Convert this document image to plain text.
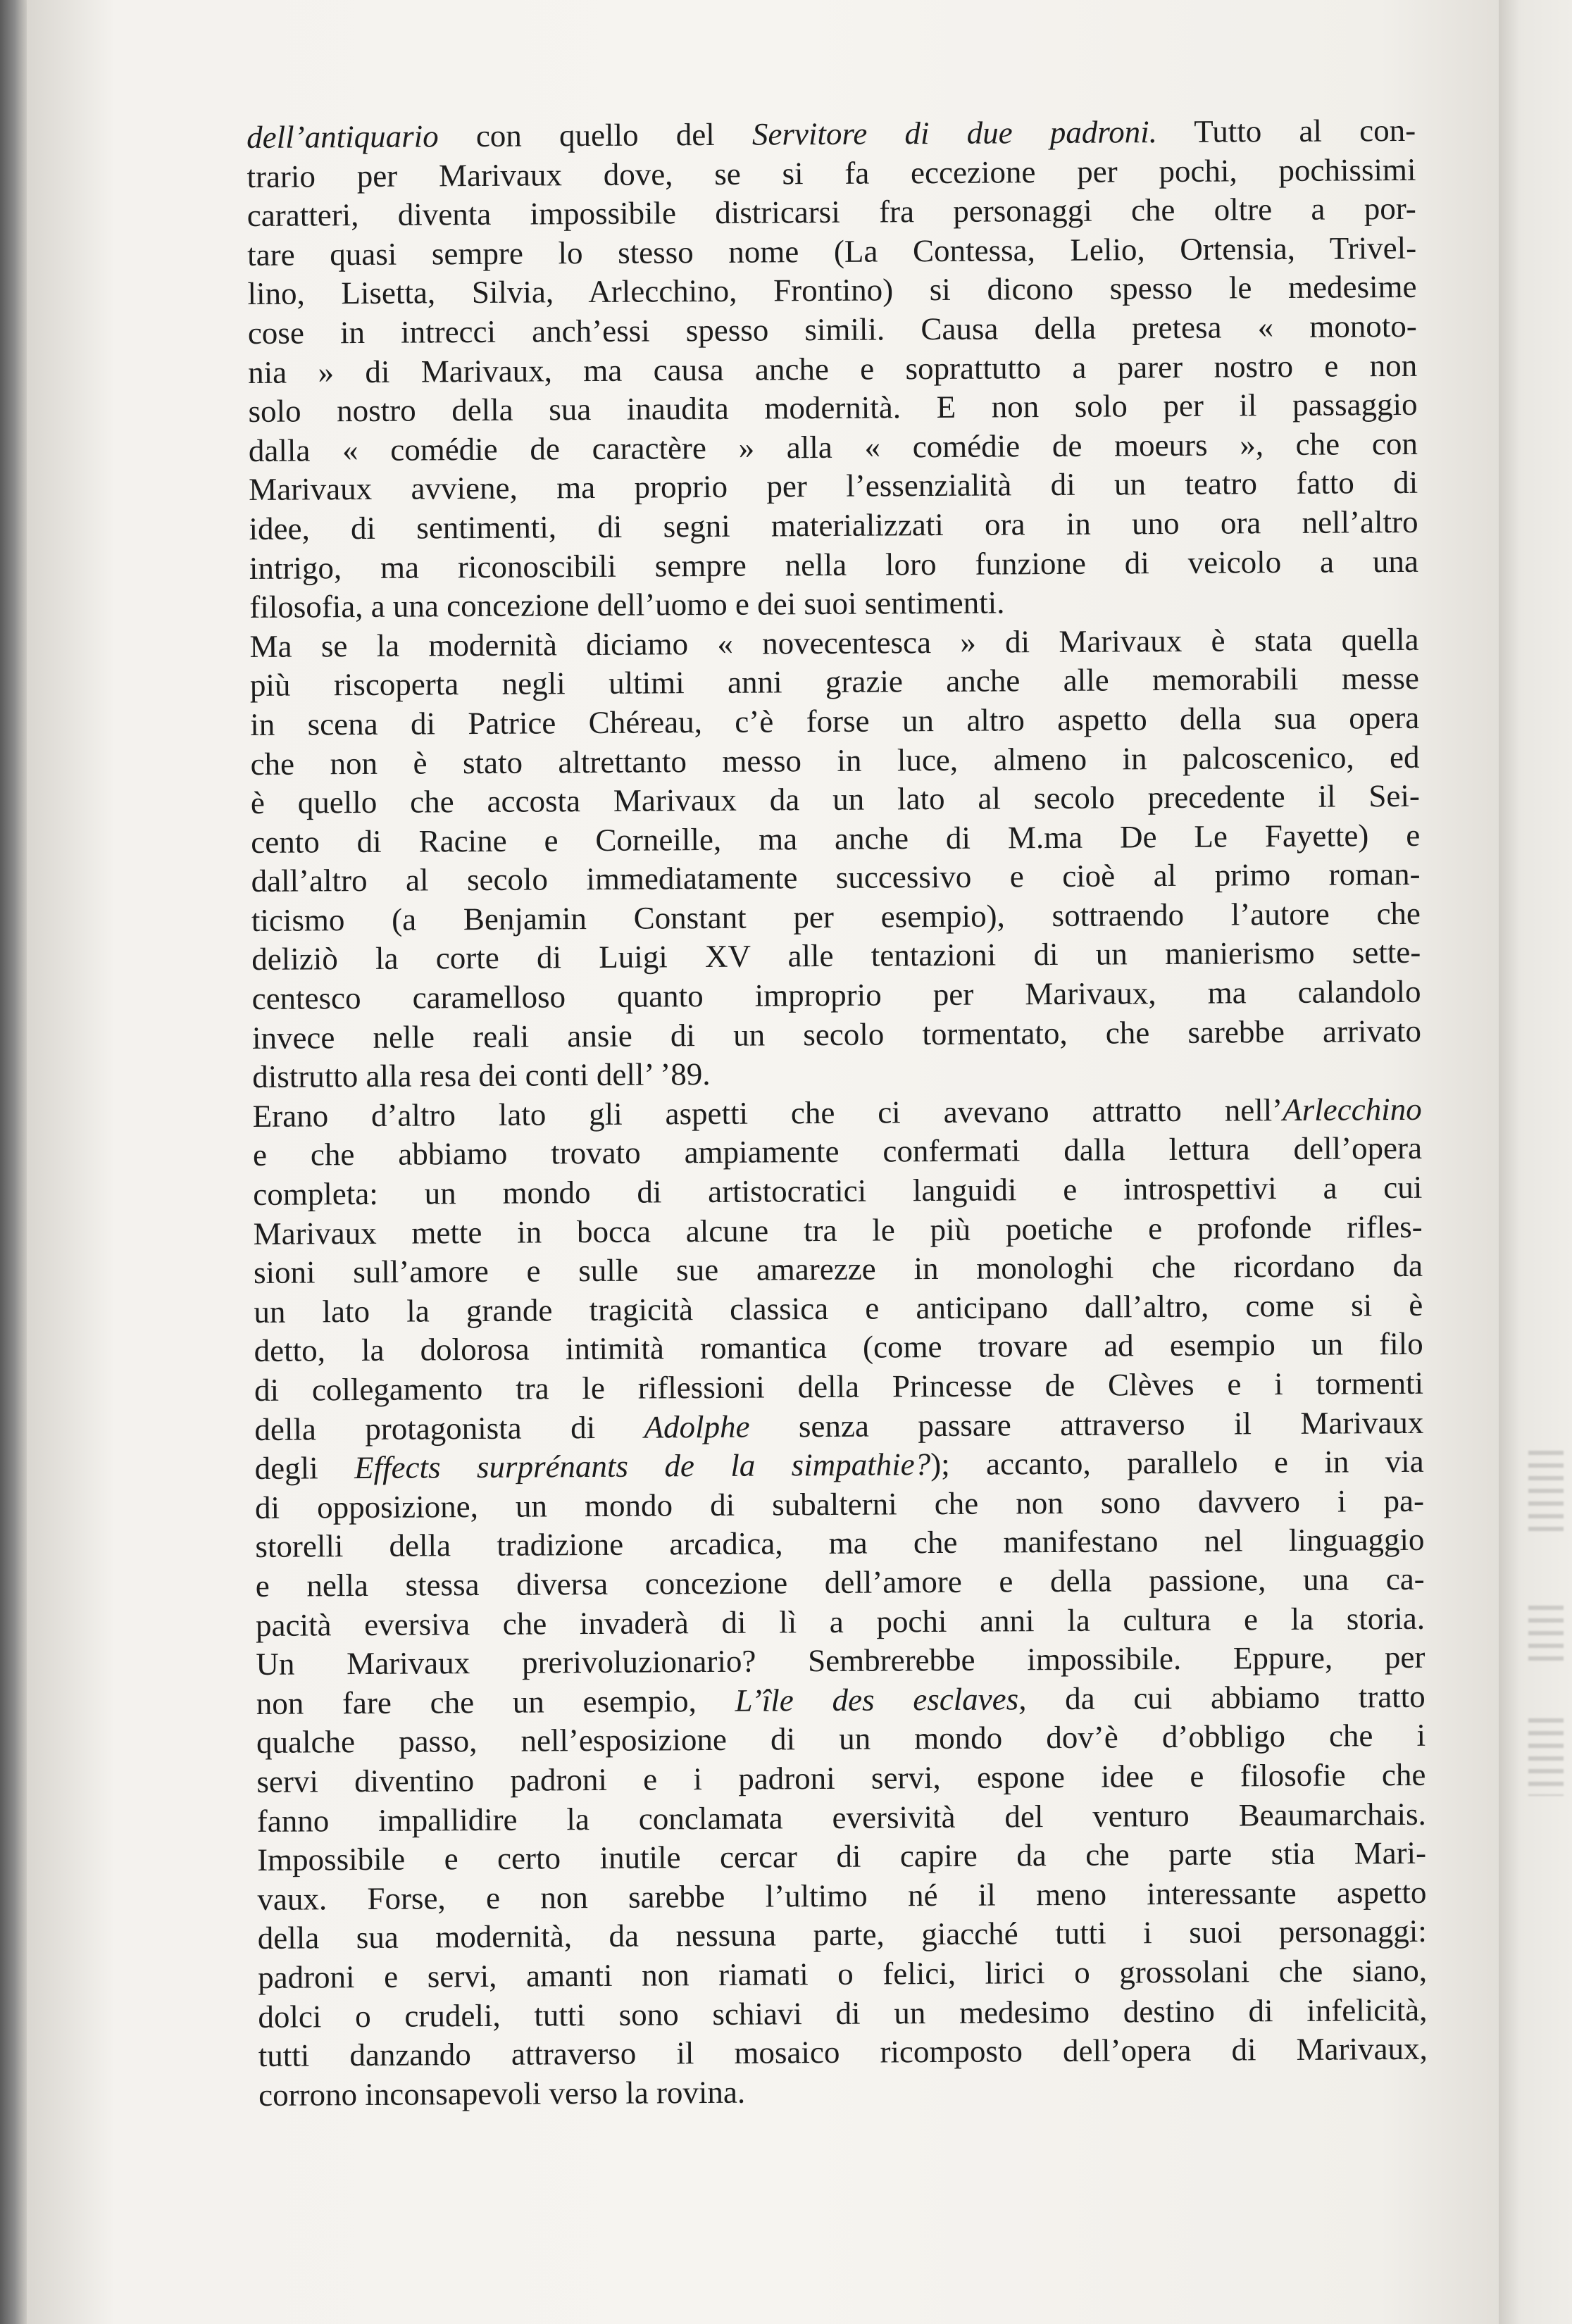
dell’antiquario con quello del Servitore di due padroni. Tutto al con-
trario per Marivaux dove, se si fa eccezione per pochi, pochissimi
caratteri, diventa impossibile districarsi fra personaggi che oltre a por-
tare quasi sempre lo stesso nome (La Contessa, Lelio, Ortensia, Trivel-
lino, Lisetta, Silvia, Arlecchino, Frontino) si dicono spesso le medesime
cose in intrecci anch’essi spesso simili. Causa della pretesa « monoto-
nia » di Marivaux, ma causa anche e soprattutto a parer nostro e non
solo nostro della sua inaudita modernità. E non solo per il passaggio
dalla « comédie de caractère » alla « comédie de moeurs », che con
Marivaux avviene, ma proprio per l’essenzialità di un teatro fatto di
idee, di sentimenti, di segni materializzati ora in uno ora nell’altro
intrigo, ma riconoscibili sempre nella loro funzione di veicolo a una
filosofia, a una concezione dell’uomo e dei suoi sentimenti.
Ma se la modernità diciamo « novecentesca » di Marivaux è stata quella
più riscoperta negli ultimi anni grazie anche alle memorabili messe
in scena di Patrice Chéreau, c’è forse un altro aspetto della sua opera
che non è stato altrettanto messo in luce, almeno in palcoscenico, ed
è quello che accosta Marivaux da un lato al secolo precedente il Sei-
cento di Racine e Corneille, ma anche di M.ma De Le Fayette) e
dall’altro al secolo immediatamente successivo e cioè al primo roman-
ticismo (a Benjamin Constant per esempio), sottraendo l’autore che
deliziò la corte di Luigi XV alle tentazioni di un manierismo sette-
centesco caramelloso quanto improprio per Marivaux, ma calandolo
invece nelle reali ansie di un secolo tormentato, che sarebbe arrivato
distrutto alla resa dei conti dell’ ’89.
Erano d’altro lato gli aspetti che ci avevano attratto nell’Arlecchino
e che abbiamo trovato ampiamente confermati dalla lettura dell’opera
completa: un mondo di artistocratici languidi e introspettivi a cui
Marivaux mette in bocca alcune tra le più poetiche e profonde rifles-
sioni sull’amore e sulle sue amarezze in monologhi che ricordano da
un lato la grande tragicità classica e anticipano dall’altro, come si è
detto, la dolorosa intimità romantica (come trovare ad esempio un filo
di collegamento tra le riflessioni della Princesse de Clèves e i tormenti
della protagonista di Adolphe senza passare attraverso il Marivaux
degli Effects surprénants de la simpathie?); accanto, parallelo e in via
di opposizione, un mondo di subalterni che non sono davvero i pa-
storelli della tradizione arcadica, ma che manifestano nel linguaggio
e nella stessa diversa concezione dell’amore e della passione, una ca-
pacità eversiva che invaderà di lì a pochi anni la cultura e la storia.
Un Marivaux prerivoluzionario? Sembrerebbe impossibile. Eppure, per
non fare che un esempio, L’île des esclaves, da cui abbiamo tratto
qualche passo, nell’esposizione di un mondo dov’è d’obbligo che i
servi diventino padroni e i padroni servi, espone idee e filosofie che
fanno impallidire la conclamata eversività del venturo Beaumarchais.
Impossibile e certo inutile cercar di capire da che parte stia Mari-
vaux. Forse, e non sarebbe l’ultimo né il meno interessante aspetto
della sua modernità, da nessuna parte, giacché tutti i suoi personaggi:
padroni e servi, amanti non riamati o felici, lirici o grossolani che siano,
dolci o crudeli, tutti sono schiavi di un medesimo destino di infelicità,
tutti danzando attraverso il mosaico ricomposto dell’opera di Marivaux,
corrono inconsapevoli verso la rovina.
